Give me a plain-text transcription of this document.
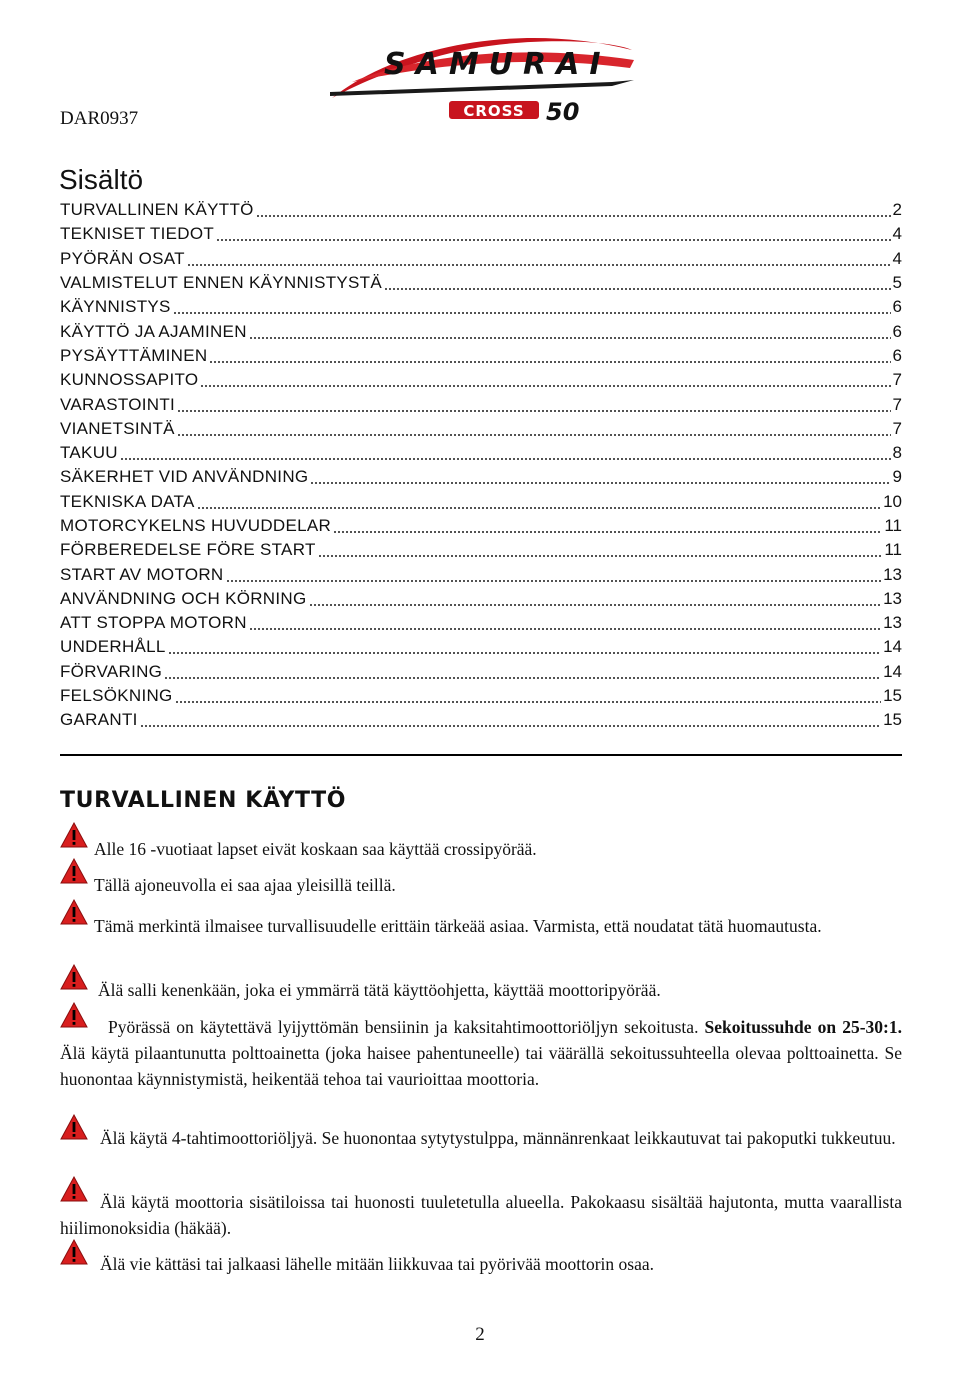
DAR0937
SAMURAI
CROSS 50
Sisältö
TURVALLINEN KÄYTTÖ	2
TEKNISET TIEDOT	4
PYÖRÄN OSAT	4
VALMISTELUT ENNEN KÄYNNISTYSTÄ	5
KÄYNNISTYS	6
KÄYTTÖ JA AJAMINEN	6
PYSÄYTTÄMINEN	6
KUNNOSSAPITO	7
VARASTOINTI	7
VIANETSINTÄ	7
TAKUU	8
SÄKERHET VID ANVÄNDNING	9
TEKNISKA DATA	10
MOTORCYKELNS HUVUDDELAR	11
FÖRBEREDELSE FÖRE START	11
START AV MOTORN	13
ANVÄNDNING OCH KÖRNING	13
ATT STOPPA MOTORN	13
UNDERHÅLL	14
FÖRVARING	14
FELSÖKNING	15
GARANTI	15
TURVALLINEN KÄYTTÖ

Alle 16 -vuotiaat lapset eivät koskaan saa käyttää crossipyörää.

Tällä ajoneuvolla ei saa ajaa yleisillä teillä.

Tämä merkintä ilmaisee turvallisuudelle erittäin tärkeää asiaa. Varmista, että noudatat tätä huomautusta.

Älä salli kenenkään, joka ei ymmärrä tätä käyttöohjetta, käyttää moottoripyörää.

Pyörässä on käytettävä lyijyttömän bensiinin ja kaksitahtimoottoriöljyn sekoitusta. Sekoitussuhde on 25-30:1. Älä käytä pilaantunutta polttoainetta (joka haisee pahentuneelle) tai väärällä sekoitussuhteella olevaa polttoainetta. Se huonontaa käynnistymistä, heikentää tehoa tai vaurioittaa moottoria.

Älä käytä 4-tahtimoottoriöljyä. Se huonontaa sytytystulppa, männänrenkaat leikkautuvat tai pakoputki tukkeutuu.

Älä käytä moottoria sisätiloissa tai huonosti tuuletetulla alueella. Pakokaasu sisältää hajutonta, mutta vaarallista hiilimonoksidia (häkää).

Älä vie kättäsi tai jalkaasi lähelle mitään liikkuvaa tai pyörivää moottorin osaa.

2
